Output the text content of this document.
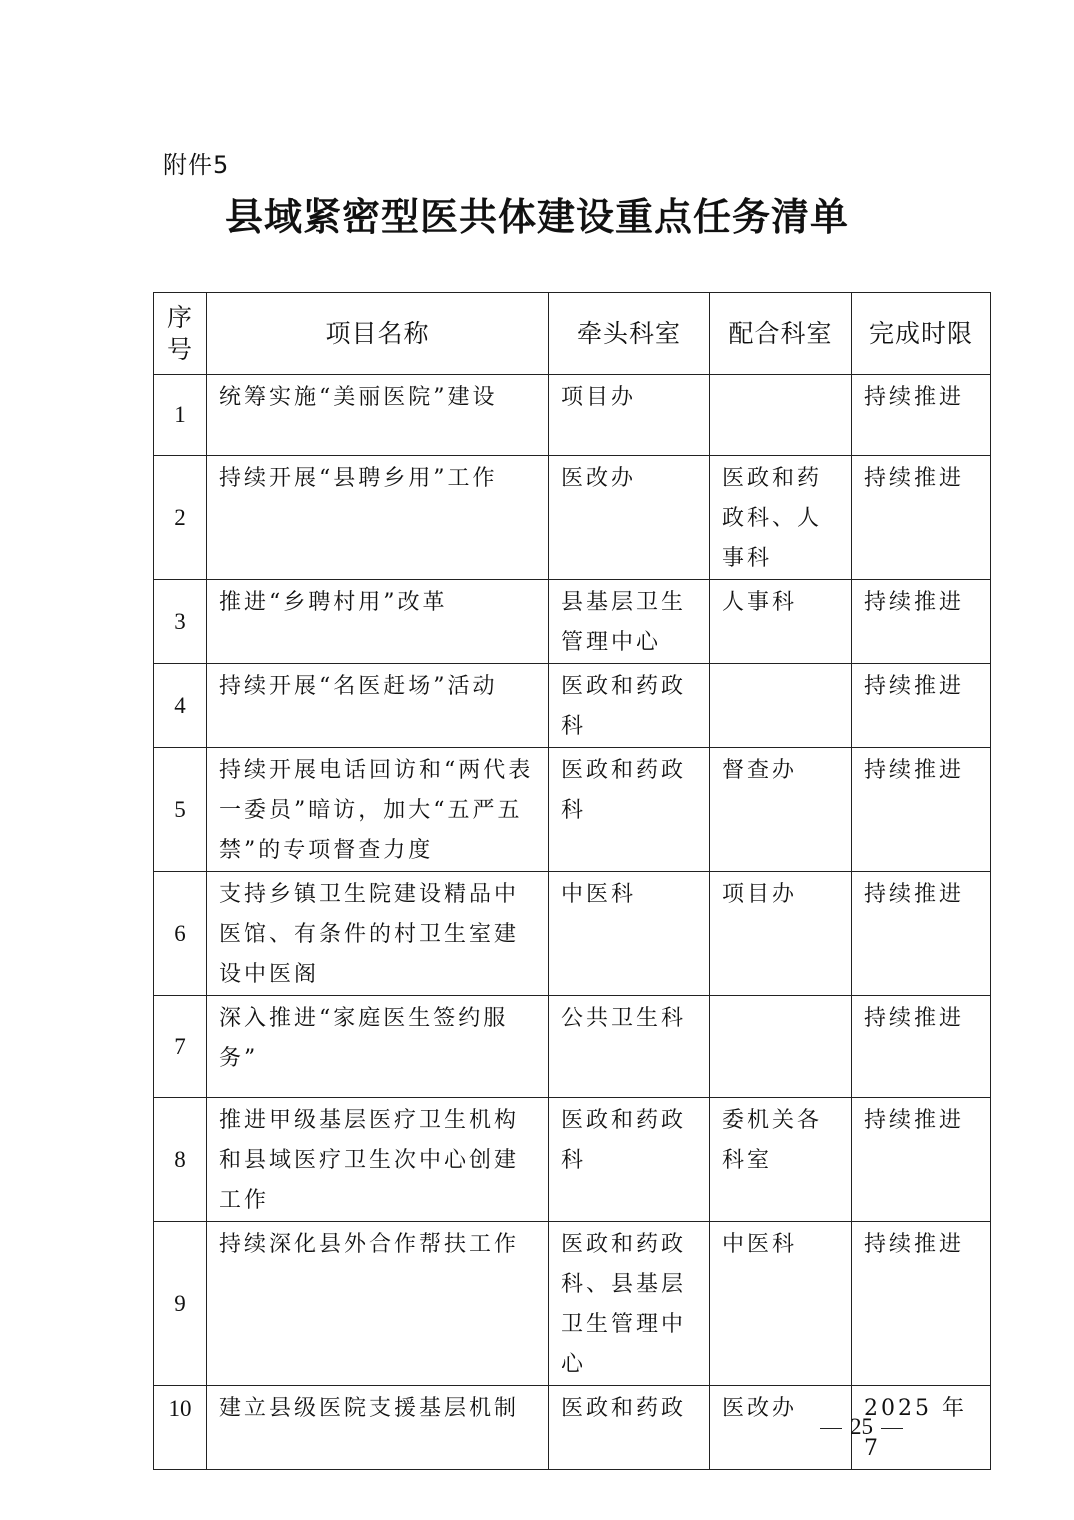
附件5
县域紧密型医共体建设重点任务清单
序
号	项目名称	牵头科室	配合科室	完成时限
1	统筹实施“美丽医院”建设	项目办		持续推进
2	持续开展“县聘乡用”工作	医改办	医政和药政科、人事科	持续推进
3	推进“乡聘村用”改革	县基层卫生管理中心	人事科	持续推进
4	持续开展“名医赶场”活动	医政和药政科		持续推进
5	持续开展电话回访和“两代表一委员”暗访，加大“五严五禁”的专项督查力度	医政和药政科	督查办	持续推进
6	支持乡镇卫生院建设精品中医馆、有条件的村卫生室建设中医阁	中医科	项目办	持续推进
7	深入推进“家庭医生签约服务”	公共卫生科		持续推进
8	推进甲级基层医疗卫生机构和县域医疗卫生次中心创建工作	医政和药政科	委机关各科室	持续推进
9	持续深化县外合作帮扶工作	医政和药政科、县基层卫生管理中心	中医科	持续推进
10	建立县级医院支援基层机制	医政和药政	医改办	2025 年 7
25
